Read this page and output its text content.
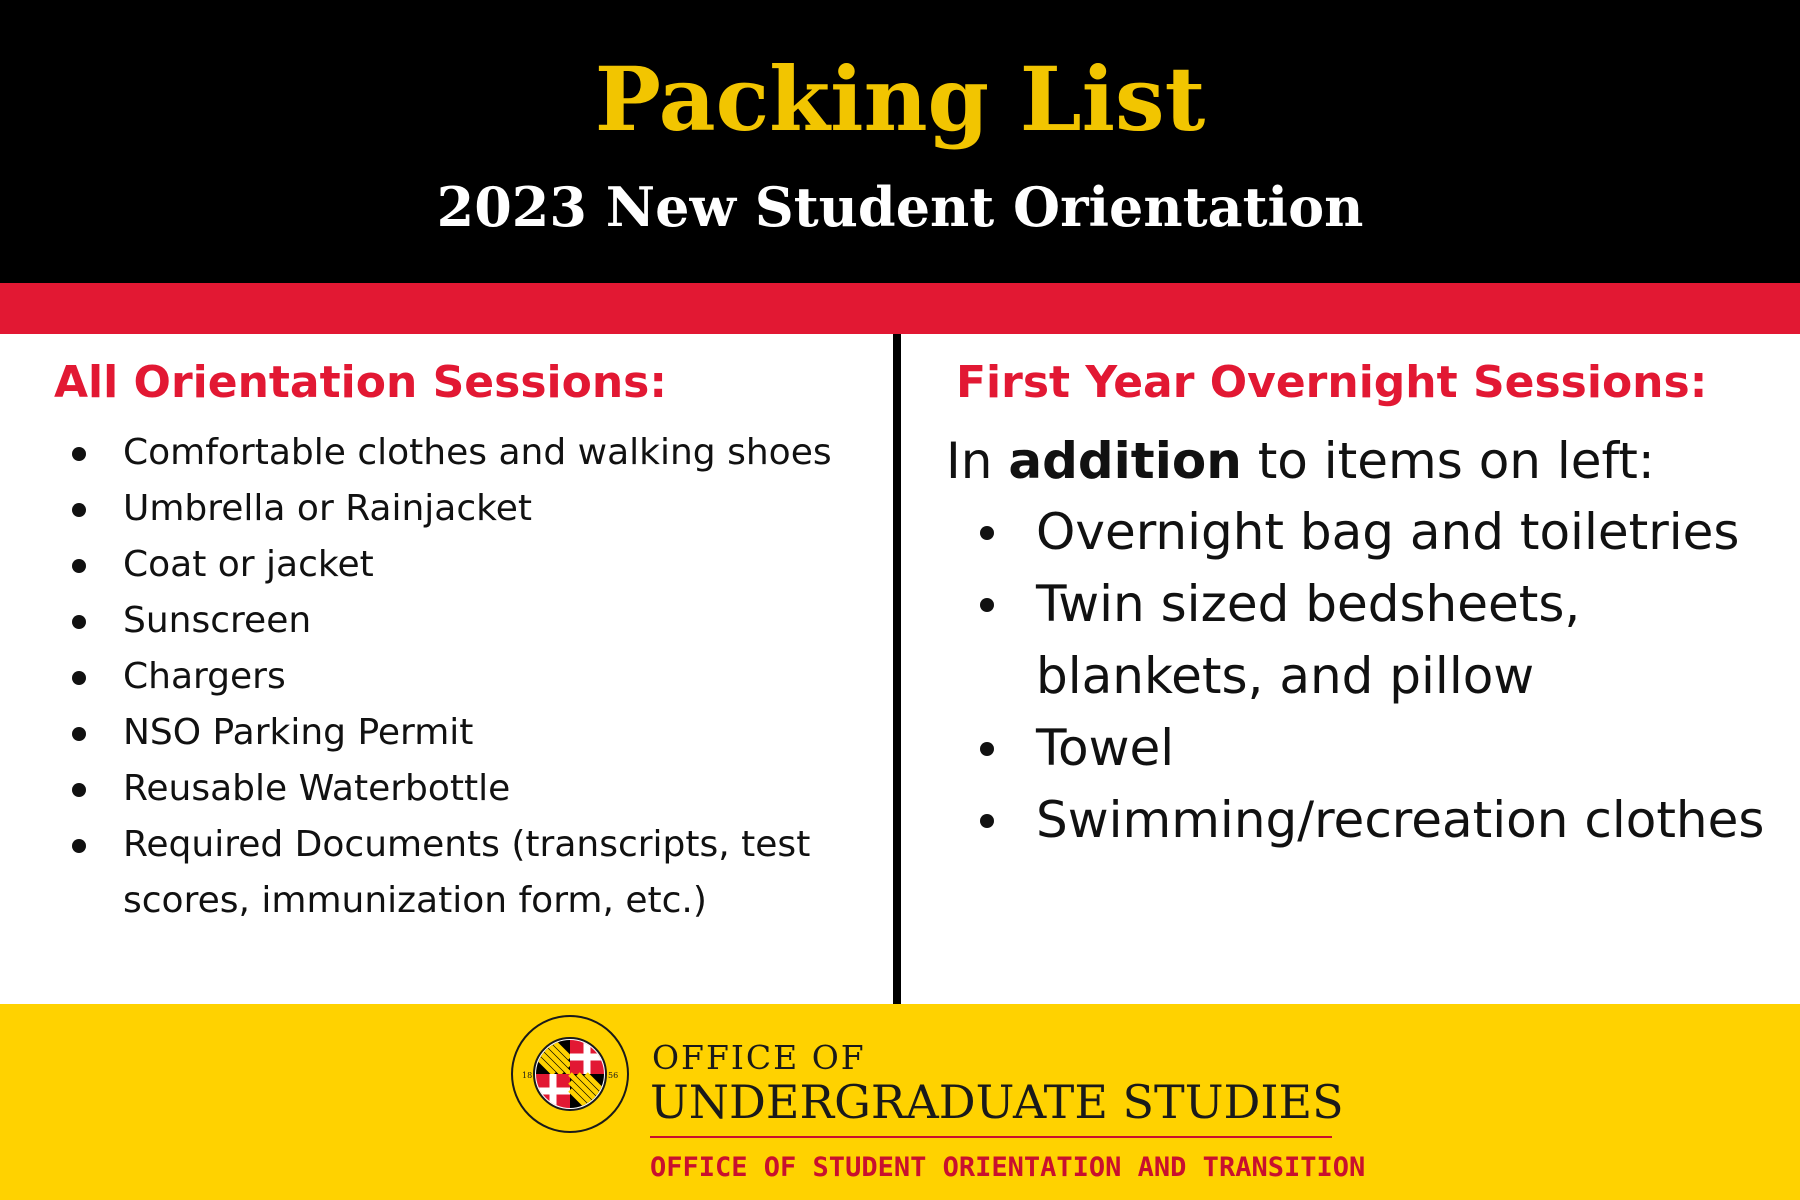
Packing List
2023 New Student Orientation
All Orientation Sessions:
Comfortable clothes and walking shoes
Umbrella or Rainjacket
Coat or jacket
Sunscreen
Chargers
NSO Parking Permit
Reusable Waterbottle
Required Documents (transcripts, test scores, immunization form, etc.)
First Year Overnight Sessions:

In addition to items on left:

Overnight bag and toiletries
Twin sized bedsheets, blankets, and pillow
Towel
Swimming/recreation clothes
18	56 OFFICE OF

UNDERGRADUATE STUDIES

OFFICE OF STUDENT ORIENTATION AND TRANSITION
